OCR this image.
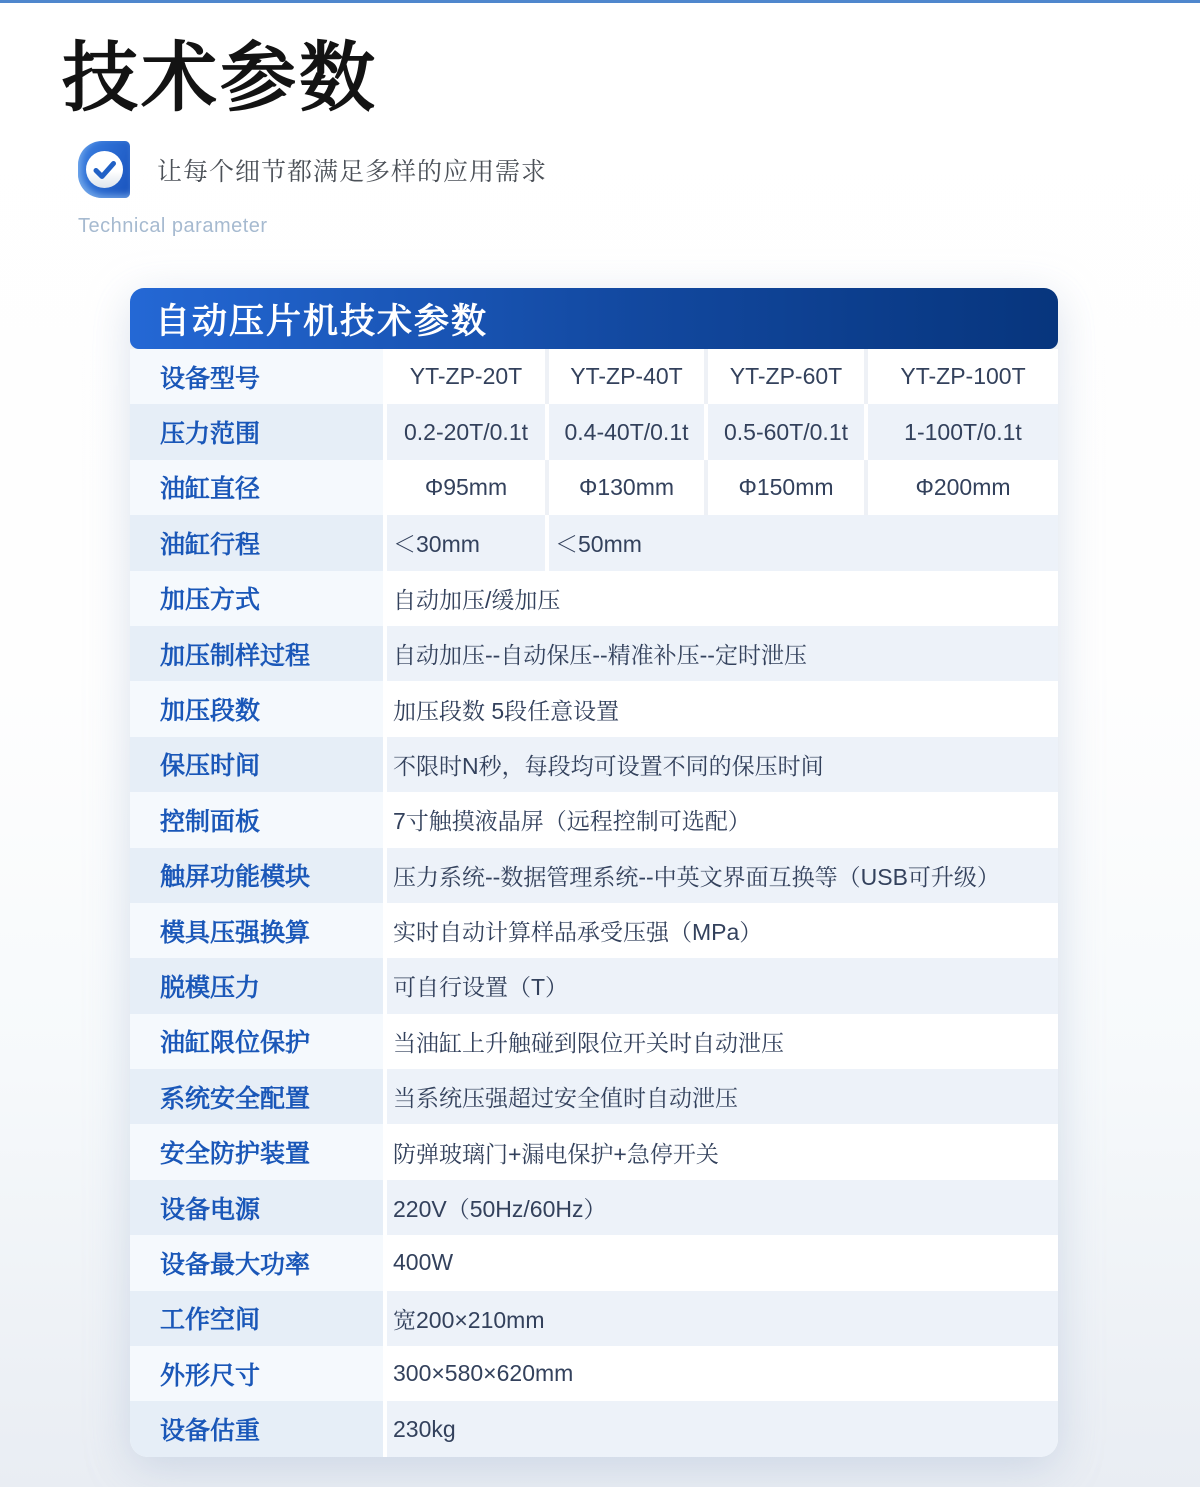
技术参数
让每个细节都满足多样的应用需求
Technical parameter
自动压片机技术参数
设备型号	YT-ZP-20T	YT-ZP-40T	YT-ZP-60T	YT-ZP-100T
压力范围	0.2-20T/0.1t	0.4-40T/0.1t	0.5-60T/0.1t	1-100T/0.1t
油缸直径	Φ95mm	Φ130mm	Φ150mm	Φ200mm
油缸行程	＜30mm	＜50mm
加压方式	自动加压/缓加压
加压制样过程	自动加压--自动保压--精准补压--定时泄压
加压段数	加压段数 5段任意设置
保压时间	不限时N秒，每段均可设置不同的保压时间
控制面板	7寸触摸液晶屏（远程控制可选配）
触屏功能模块	压力系统--数据管理系统--中英文界面互换等（USB可升级）
模具压强换算	实时自动计算样品承受压强（MPa）
脱模压力	可自行设置（T）
油缸限位保护	当油缸上升触碰到限位开关时自动泄压
系统安全配置	当系统压强超过安全值时自动泄压
安全防护装置	防弹玻璃门+漏电保护+急停开关
设备电源	220V（50Hz/60Hz）
设备最大功率	400W
工作空间	宽200×210mm
外形尺寸	300×580×620mm
设备估重	230kg
